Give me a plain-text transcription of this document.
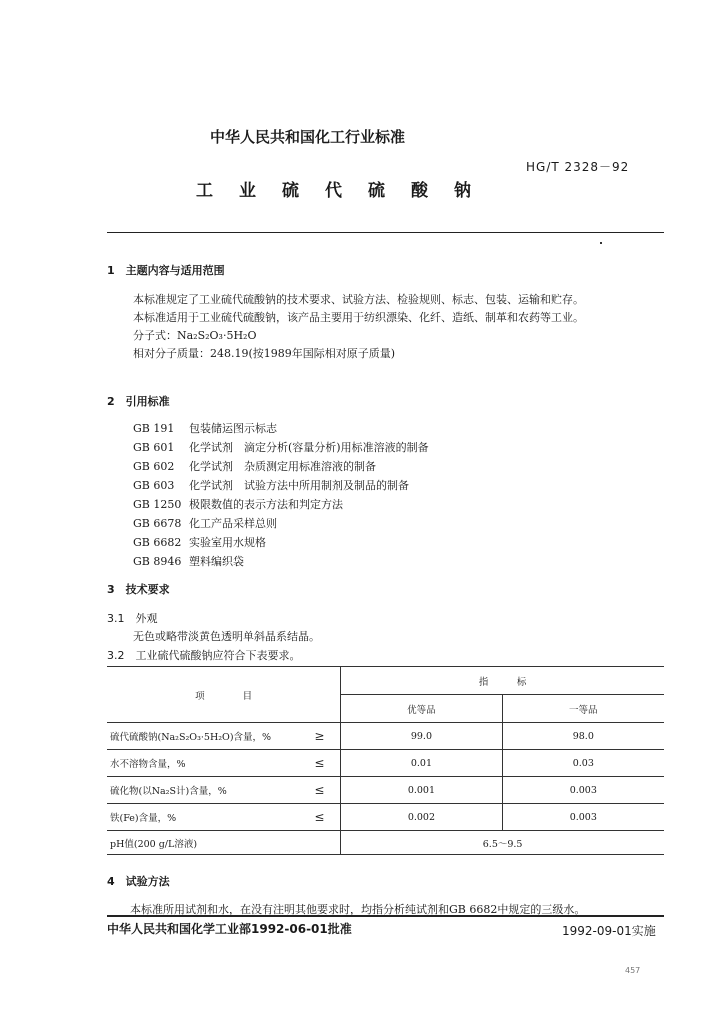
中华人民共和国化工行业标准
HG/T 2328－92
工业硫代硫酸钠
1　主题内容与适用范围
本标准规定了工业硫代硫酸钠的技术要求、试验方法、检验规则、标志、包装、运输和贮存。
本标准适用于工业硫代硫酸钠，该产品主要用于纺织漂染、化纤、造纸、制革和农药等工业。
分子式：Na₂S₂O₃·5H₂O
相对分子质量：248.19(按1989年国际相对原子质量)
2　引用标准
GB 191 包装储运图示标志
GB 601 化学试剂　滴定分析(容量分析)用标准溶液的制备
GB 602 化学试剂　杂质测定用标准溶液的制备
GB 603 化学试剂　试验方法中所用制剂及制品的制备
GB 1250 极限数值的表示方法和判定方法
GB 6678 化工产品采样总则
GB 6682 实验室用水规格
GB 8946 塑料编织袋
3　技术要求
3.1　外观
无色或略带淡黄色透明单斜晶系结晶。
3.2　工业硫代硫酸钠应符合下表要求。
项　　　　目		指　　　标	
		优等品	一等品
硫代硫酸钠(Na₂S₂O₃·5H₂O)含量，%	≥	99.0	98.0
水不溶物含量，%	≤	0.01	0.03
硫化物(以Na₂S计)含量，%	≤	0.001	0.003
铁(Fe)含量，%	≤	0.002	0.003
pH值(200 g/L溶液)		6.5～9.5	
4　试验方法
本标准所用试剂和水，在没有注明其他要求时，均指分析纯试剂和GB 6682中规定的三级水。
中华人民共和国化学工业部1992-06-01批准	1992-09-01实施
457
